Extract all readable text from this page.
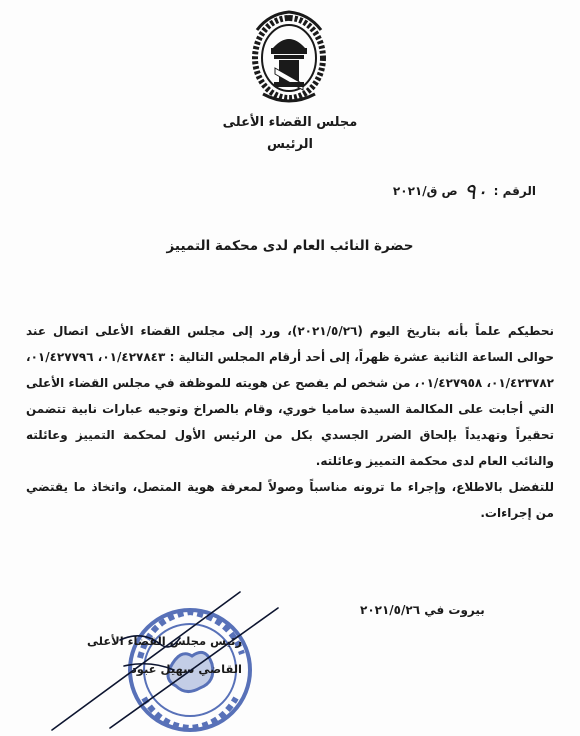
مجلس القضاء الأعلى
الرئيس
الرقم : ٩٠ ص ق/٢٠٢١
حضرة النائب العام لدى محكمة التمييز

نحطيكم علماً بأنه بتاريخ اليوم (٢٠٢١/٥/٢٦)، ورد إلى مجلس القضاء الأعلى اتصال عند حوالى الساعة الثانية عشرة ظهراً، إلى أحد أرقام المجلس التالية : ٠١/٤٢٧٨٤٣، ٠١/٤٢٧٧٩٦، ٠١/٤٢٣٧٨٢، ٠١/٤٢٧٩٥٨، من شخص لم يفصح عن هويته للموظفة في مجلس القضاء الأعلى التي أجابت على المكالمة السيدة ساميا خوري، وقام بالصراخ وتوجيه عبارات نابية تتضمن تحقيراً وتهديداً بإلحاق الضرر الجسدي بكل من الرئيس الأول لمحكمة التمييز وعائلته والنائب العام لدى محكمة التمييز وعائلته.

للتفضل بالاطلاع، وإجراء ما ترونه مناسباً وصولاً لمعرفة هوية المتصل، واتخاذ ما يقتضي من إجراءات.

بيروت في ٢٠٢١/٥/٢٦
رئيس مجلس القضاء الأعلى
القاضي سهيل عبود
